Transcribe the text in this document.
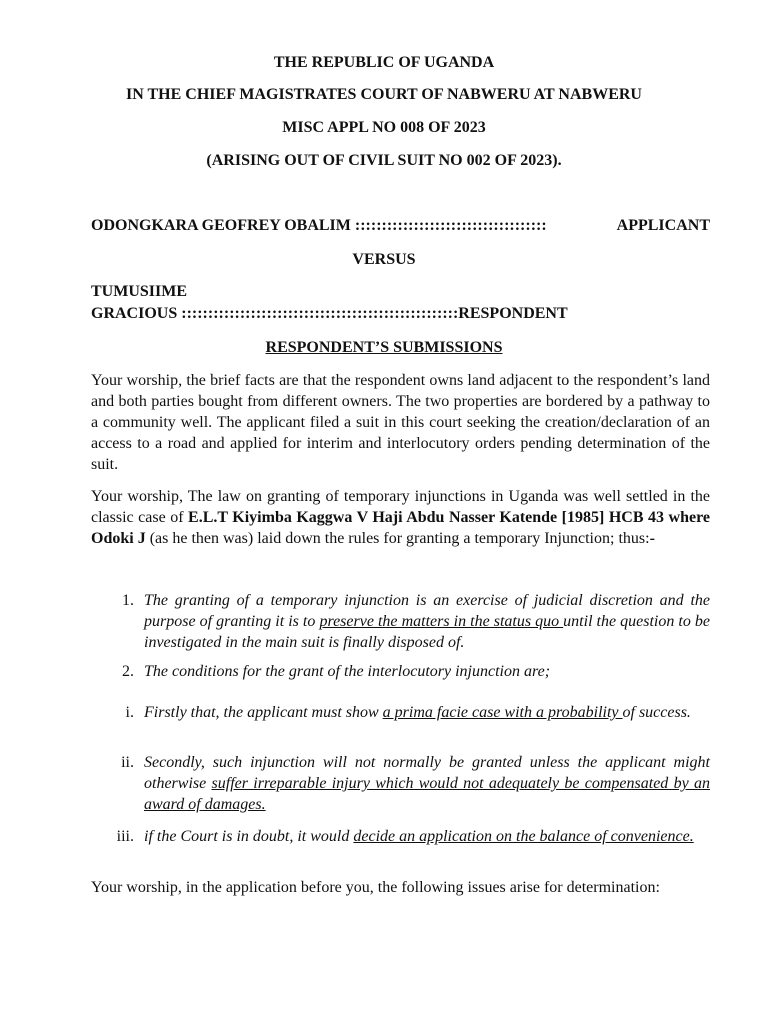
THE REPUBLIC OF UGANDA

IN THE CHIEF MAGISTRATES COURT OF NABWERU AT NABWERU

MISC APPL NO 008 OF 2023

(ARISING OUT OF CIVIL SUIT NO 002 OF 2023).

ODONGKARA GEOFREY OBALIM ::::::::::::::::::::::::::::::::::::	APPLICANT

VERSUS

TUMUSIIME
GRACIOUS :::::::::::::::::::::::::::::::::::::::::::::::::::: RESPONDENT

RESPONDENT’S SUBMISSIONS

Your worship, the brief facts are that the respondent owns land adjacent to the respondent’s land and both parties bought from different owners. The two properties are bordered by a pathway to a community well. The applicant filed a suit in this court seeking the creation/declaration of an access to a road and applied for interim and interlocutory orders pending determination of the suit.
Your worship, The law on granting of temporary injunctions in Uganda was well settled in the classic case of E.L.T Kiyimba Kaggwa V Haji Abdu Nasser Katende [1985] HCB 43 where Odoki J (as he then was) laid down the rules for granting a temporary Injunction; thus:-
1. The granting of a temporary injunction is an exercise of judicial discretion and the purpose of granting it is to preserve the matters in the status quo until the question to be investigated in the main suit is finally disposed of.
2. The conditions for the grant of the interlocutory injunction are;
i. Firstly that, the applicant must show a prima facie case with a probability of success.
ii. Secondly, such injunction will not normally be granted unless the applicant might otherwise suffer irreparable injury which would not adequately be compensated by an award of damages.
iii. if the Court is in doubt, it would decide an application on the balance of convenience.
Your worship, in the application before you, the following issues arise for determination:
